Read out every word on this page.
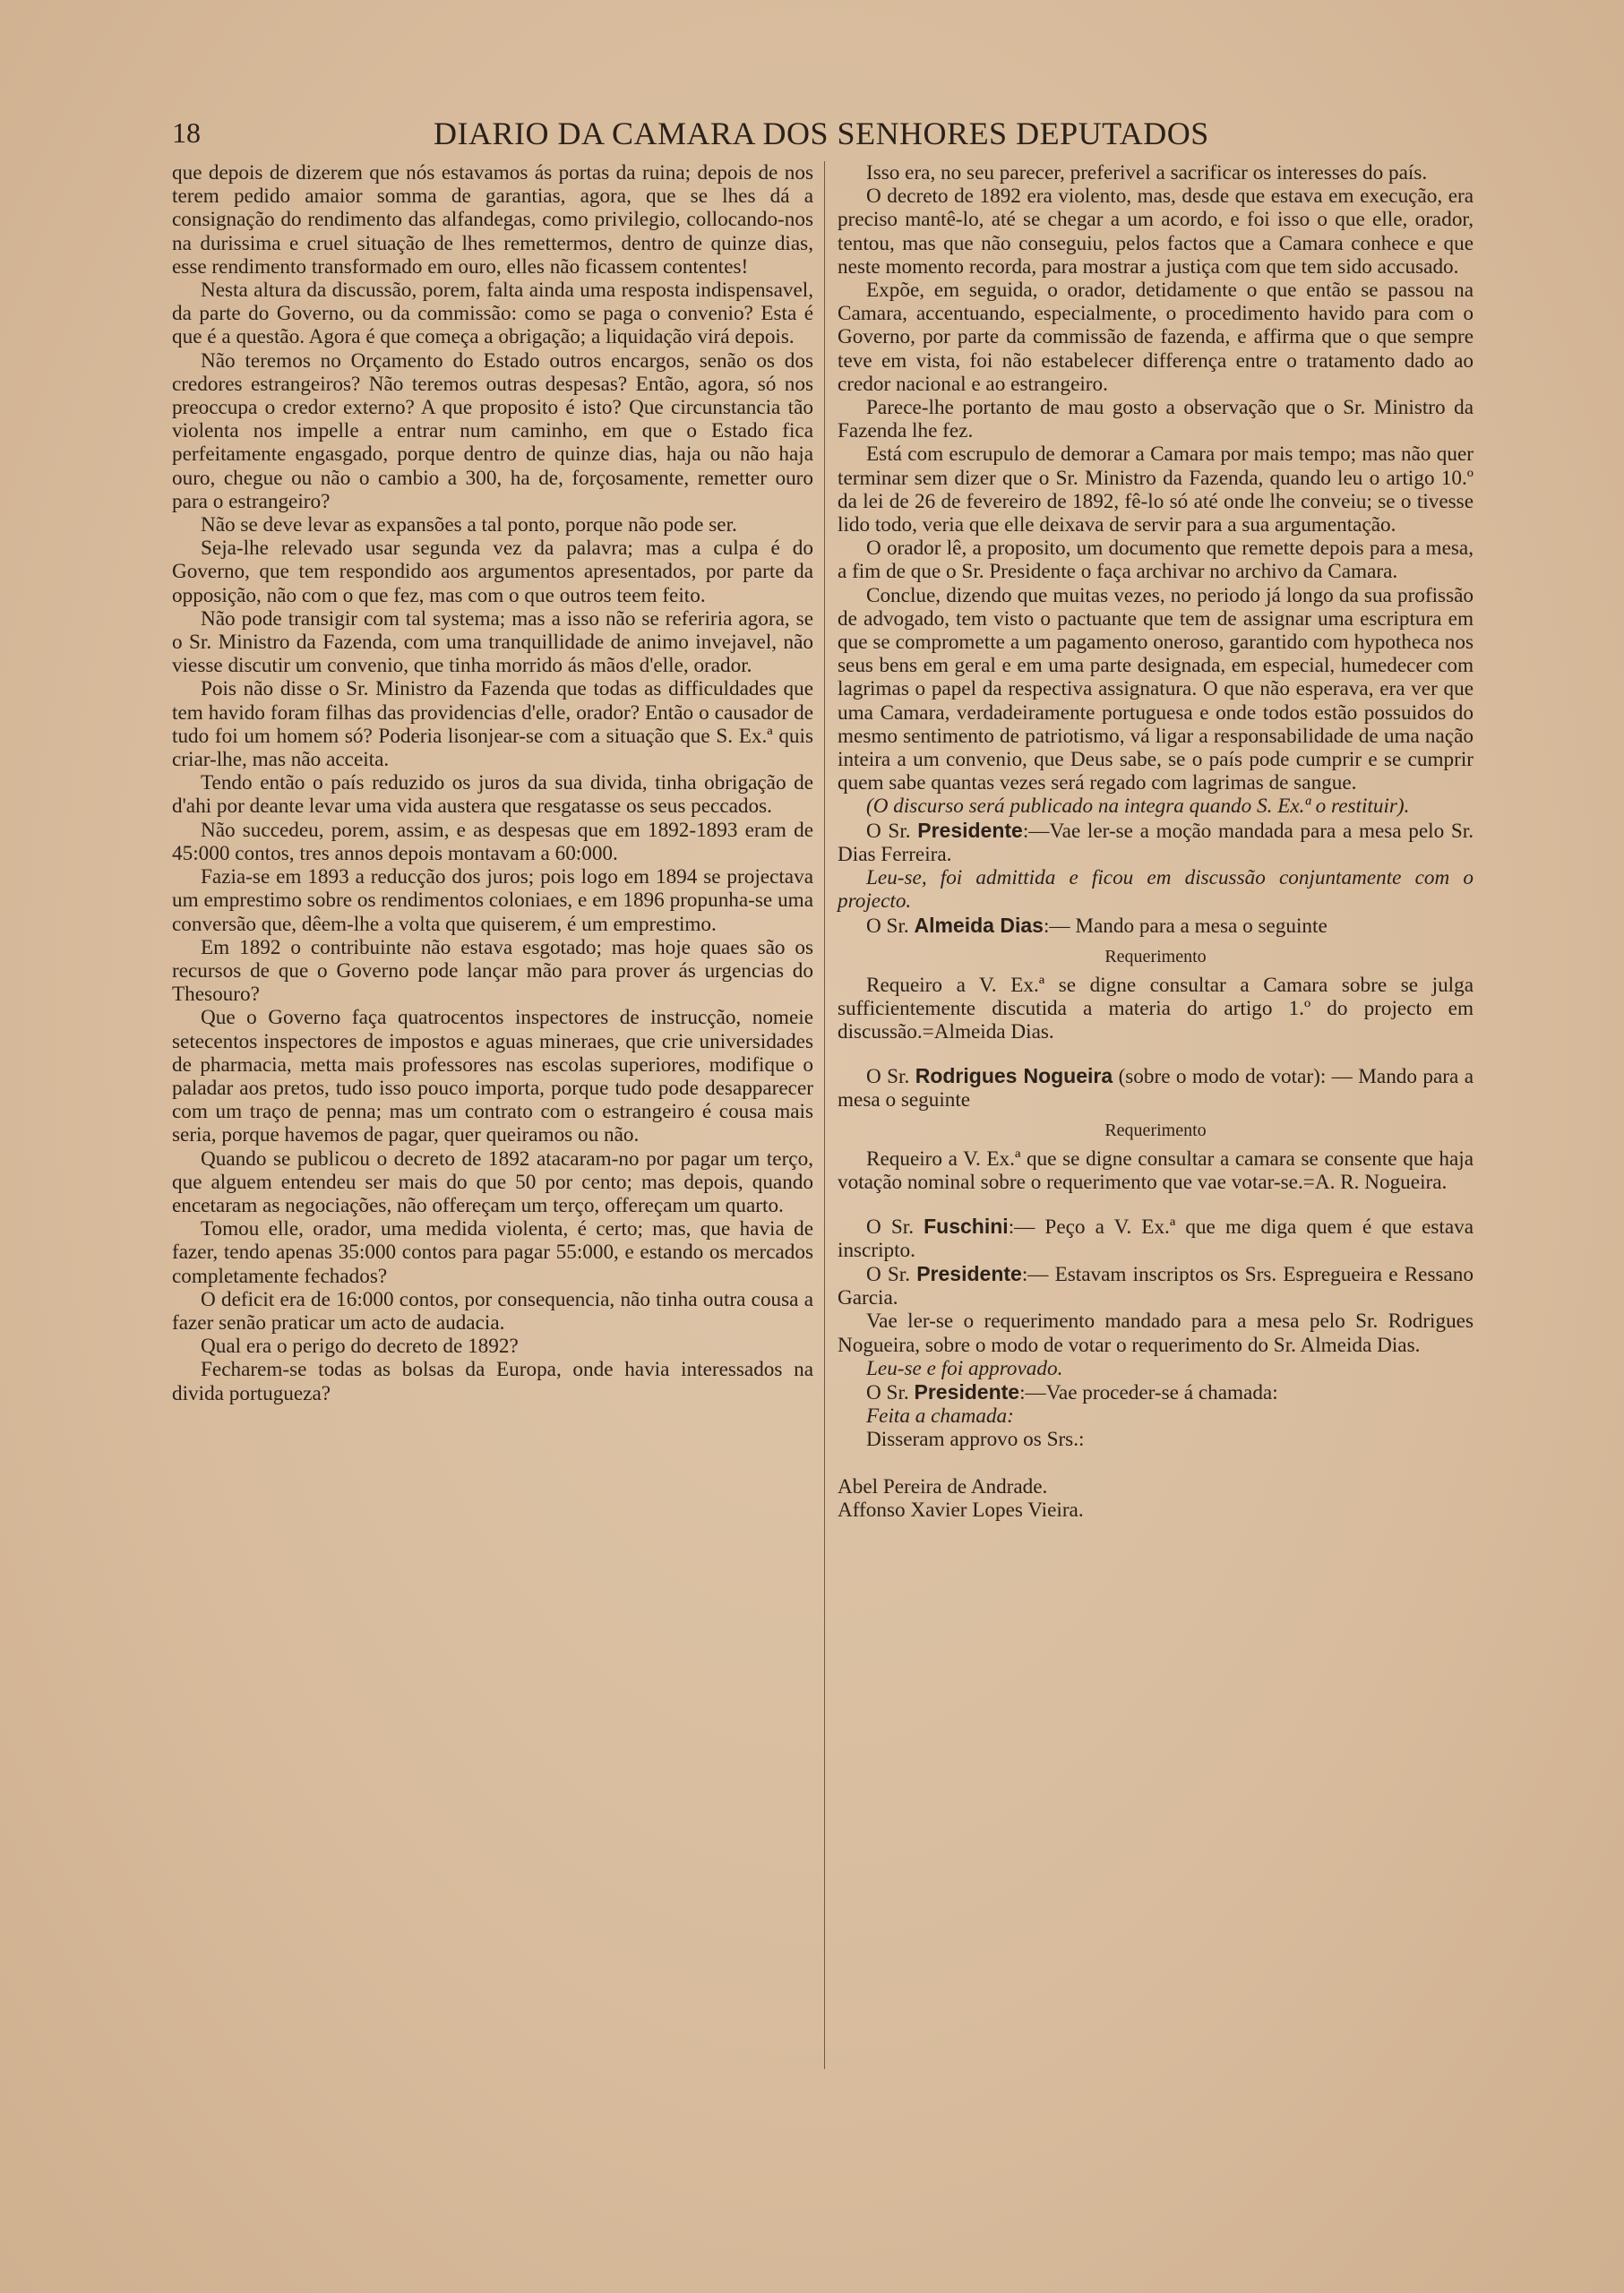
18	DIARIO DA CAMARA DOS SENHORES DEPUTADOS

que depois de dizerem que nós estavamos ás portas da ruina; depois de nos terem pedido amaior somma de garantias, agora, que se lhes dá a consignação do rendimento das alfandegas, como privilegio, collocando-nos na durissima e cruel situação de lhes remettermos, dentro de quinze dias, esse rendimento transformado em ouro, elles não ficassem contentes!

Nesta altura da discussão, porem, falta ainda uma resposta indispensavel, da parte do Governo, ou da commissão: como se paga o convenio? Esta é que é a questão. Agora é que começa a obrigação; a liquidação virá depois.

Não teremos no Orçamento do Estado outros encargos, senão os dos credores estrangeiros? Não teremos outras despesas? Então, agora, só nos preoccupa o credor externo? A que proposito é isto? Que circunstancia tão violenta nos impelle a entrar num caminho, em que o Estado fica perfeitamente engasgado, porque dentro de quinze dias, haja ou não haja ouro, chegue ou não o cambio a 300, ha de, forçosamente, remetter ouro para o estrangeiro?

Não se deve levar as expansões a tal ponto, porque não pode ser.

Seja-lhe relevado usar segunda vez da palavra; mas a culpa é do Governo, que tem respondido aos argumentos apresentados, por parte da opposição, não com o que fez, mas com o que outros teem feito.

Não pode transigir com tal systema; mas a isso não se referiria agora, se o Sr. Ministro da Fazenda, com uma tranquillidade de animo invejavel, não viesse discutir um convenio, que tinha morrido ás mãos d'elle, orador.

Pois não disse o Sr. Ministro da Fazenda que todas as difficuldades que tem havido foram filhas das providencias d'elle, orador? Então o causador de tudo foi um homem só? Poderia lisonjear-se com a situação que S. Ex.ª quis criar-lhe, mas não acceita.

Tendo então o país reduzido os juros da sua divida, tinha obrigação de d'ahi por deante levar uma vida austera que resgatasse os seus peccados.

Não succedeu, porem, assim, e as despesas que em 1892-1893 eram de 45:000 contos, tres annos depois montavam a 60:000.

Fazia-se em 1893 a reducção dos juros; pois logo em 1894 se projectava um emprestimo sobre os rendimentos coloniaes, e em 1896 propunha-se uma conversão que, dêem-lhe a volta que quiserem, é um emprestimo.

Em 1892 o contribuinte não estava esgotado; mas hoje quaes são os recursos de que o Governo pode lançar mão para prover ás urgencias do Thesouro?

Que o Governo faça quatrocentos inspectores de instrucção, nomeie setecentos inspectores de impostos e aguas mineraes, que crie universidades de pharmacia, metta mais professores nas escolas superiores, modifique o paladar aos pretos, tudo isso pouco importa, porque tudo pode desapparecer com um traço de penna; mas um contrato com o estrangeiro é cousa mais seria, porque havemos de pagar, quer queiramos ou não.

Quando se publicou o decreto de 1892 atacaram-no por pagar um terço, que alguem entendeu ser mais do que 50 por cento; mas depois, quando encetaram as negociações, não offereçam um terço, offereçam um quarto.

Tomou elle, orador, uma medida violenta, é certo; mas, que havia de fazer, tendo apenas 35:000 contos para pagar 55:000, e estando os mercados completamente fechados?

O deficit era de 16:000 contos, por consequencia, não tinha outra cousa a fazer senão praticar um acto de audacia.

Qual era o perigo do decreto de 1892?

Fecharem-se todas as bolsas da Europa, onde havia interessados na divida portugueza?

Isso era, no seu parecer, preferivel a sacrificar os interesses do país.

O decreto de 1892 era violento, mas, desde que estava em execução, era preciso mantê-lo, até se chegar a um acordo, e foi isso o que elle, orador, tentou, mas que não conseguiu, pelos factos que a Camara conhece e que neste momento recorda, para mostrar a justiça com que tem sido accusado.

Expõe, em seguida, o orador, detidamente o que então se passou na Camara, accentuando, especialmente, o procedimento havido para com o Governo, por parte da commissão de fazenda, e affirma que o que sempre teve em vista, foi não estabelecer differença entre o tratamento dado ao credor nacional e ao estrangeiro.

Parece-lhe portanto de mau gosto a observação que o Sr. Ministro da Fazenda lhe fez.

Está com escrupulo de demorar a Camara por mais tempo; mas não quer terminar sem dizer que o Sr. Ministro da Fazenda, quando leu o artigo 10.º da lei de 26 de fevereiro de 1892, fê-lo só até onde lhe conveiu; se o tivesse lido todo, veria que elle deixava de servir para a sua argumentação.

O orador lê, a proposito, um documento que remette depois para a mesa, a fim de que o Sr. Presidente o faça archivar no archivo da Camara.

Conclue, dizendo que muitas vezes, no periodo já longo da sua profissão de advogado, tem visto o pactuante que tem de assignar uma escriptura em que se compromette a um pagamento oneroso, garantido com hypotheca nos seus bens em geral e em uma parte designada, em especial, humedecer com lagrimas o papel da respectiva assignatura. O que não esperava, era ver que uma Camara, verdadeiramente portuguesa e onde todos estão possuidos do mesmo sentimento de patriotismo, vá ligar a responsabilidade de uma nação inteira a um convenio, que Deus sabe, se o país pode cumprir e se cumprir quem sabe quantas vezes será regado com lagrimas de sangue.

(O discurso será publicado na integra quando S. Ex.ª o restituir).

O Sr. Presidente:—Vae ler-se a moção mandada para a mesa pelo Sr. Dias Ferreira.

Leu-se, foi admittida e ficou em discussão conjuntamente com o projecto.

O Sr. Almeida Dias:— Mando para a mesa o seguinte

Requerimento

Requeiro a V. Ex.ª se digne consultar a Camara sobre se julga sufficientemente discutida a materia do artigo 1.º do projecto em discussão.=Almeida Dias.

O Sr. Rodrigues Nogueira (sobre o modo de votar): — Mando para a mesa o seguinte

Requerimento

Requeiro a V. Ex.ª que se digne consultar a camara se consente que haja votação nominal sobre o requerimento que vae votar-se.=A. R. Nogueira.

O Sr. Fuschini:— Peço a V. Ex.ª que me diga quem é que estava inscripto.

O Sr. Presidente:— Estavam inscriptos os Srs. Espregueira e Ressano Garcia.

Vae ler-se o requerimento mandado para a mesa pelo Sr. Rodrigues Nogueira, sobre o modo de votar o requerimento do Sr. Almeida Dias.

Leu-se e foi approvado.

O Sr. Presidente:—Vae proceder-se á chamada:

Feita a chamada:

Disseram approvo os Srs.:

Abel Pereira de Andrade.
Affonso Xavier Lopes Vieira.
